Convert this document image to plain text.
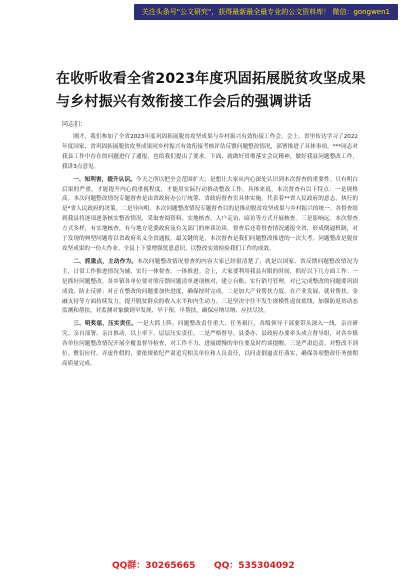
关注头条号"公文研究"，获得最新最全最专业的公文资料库！ 微信：gongwen1
在收听收看全省2023年度巩固拓展脱贫攻坚成果与乡村振兴有效衔接工作会后的强调讲话
同志们：

刚才，我们参加了全省2023年度巩固拓展脱贫攻坚成果与乡村振兴有效衔接工作会。会上，省里传达学习了2022年度国家、省巩固拓展脱贫攻坚成果同乡村振兴有效衔接考核评估反馈问题整改情况，部署推进了具体事项。***同志对我县工作中存在的问题进行了通报，也给我们提出了要求。下面，就做好贯彻落实会议精神，做好我县问题整改工作，我讲3点意见。

一、知利害，提升认识。今天之所以把全会范围扩大，是想让大家从内心深处认识到本次督查的重要性。只有明白后果的严重，才能提升内心的重视程度，才能用实际行动推动整改工作。具体来说，本次督查有以下特点：一是规格高。本次问题整改情况专题督查是由省政府办公厅统筹、省政府督查室具体实施，代表着**省人民政府的意志，执行的是*省人民政府的决策。二是导向明。本次问题整改情况专题督查目的是推动脱贫攻坚成果与乡村振兴的统一。各督查组到我县将逐项逐条核实整改情况，采取查阅资料、实地核查、入户走访、暗访等方式开展核查。三是影响远。本次督查方式多样，有实地核查，有与地方党委政府及有关部门的座谈访谈，督查后还将督查情况通报全省，形成倒逼机制，对于发现的典型问题将以省政府名义全省通报，最关键的是，本次督查是我们问题整改推进的一次大考，问题整改是脱贫攻坚成果的一份大作业。全县上下要增强忧患意识，以整改实效检验我们工作的成效。

二、抓重点，主动作为。本次问题整改情况督查的内容大家已经很清楚了，就是以国家、省反馈问题整改情况为主，日常工作推进情况为辅，实行一体督查、一体推进。会上，大家要利用我县有限的时间，抓好以下几方面工作：一是抓好问题整改。各乡镇各单位要对照反馈问题清单逐项核对，建立台账，实行销号管理。对已完成整改的问题要巩固成效、防止反弹；对正在整改的问题要加快进度，确保按时完成。二是加大产业帮扶力度，在产业发展、就业帮扶、金融支持等方面持续发力，提升脱贫群众的收入水平和内生动力。三是坚决守住不发生规模性返贫底线，加强防返贫动态监测和帮扶，对监测对象做到早发现、早干预、早帮扶，确保应纳尽纳、应扶尽扶。

三、明奖惩，压实责任。一是大抓上阵。问题整改责任重大、任务艰巨，各级领导干部要带头深入一线，亲自研究、亲自部署、亲自推动，以上率下、层层压实责任。二是严格督导。县委办、县政府办要牵头成立督导组，对各乡镇各单位问题整改情况开展全覆盖督导检查，对工作不力、进展缓慢的单位要及时约谈提醒。三是严肃追责。对整改不到位、敷衍应付、弄虚作假的，要依规依纪严肃追究相关单位和人员责任，以问责倒逼责任落实，确保各项整改任务按期高质量完成。

QQ群：30265665 QQ：535304092
